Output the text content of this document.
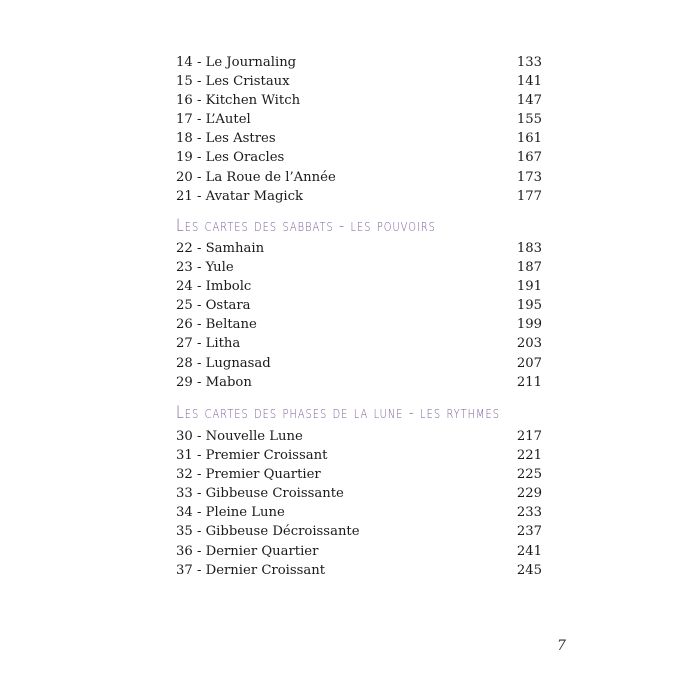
14 - Le Journaling	133
15 - Les Cristaux	141
16 - Kitchen Witch	147
17 - L’Autel	155
18 - Les Astres	161
19 - Les Oracles	167
20 - La Roue de l’Année	173
21 - Avatar Magick	177
Les cartes des sabbats - les pouvoirs
22 - Samhain	183
23 - Yule	187
24 - Imbolc	191
25 - Ostara	195
26 - Beltane	199
27 - Litha	203
28 - Lugnasad	207
29 - Mabon	211
Les cartes des phases de la lune - les rythmes
30 - Nouvelle Lune	217
31 - Premier Croissant	221
32 - Premier Quartier	225
33 - Gibbeuse Croissante	229
34 - Pleine Lune	233
35 - Gibbeuse Décroissante	237
36 - Dernier Quartier	241
37 - Dernier Croissant	245
7
